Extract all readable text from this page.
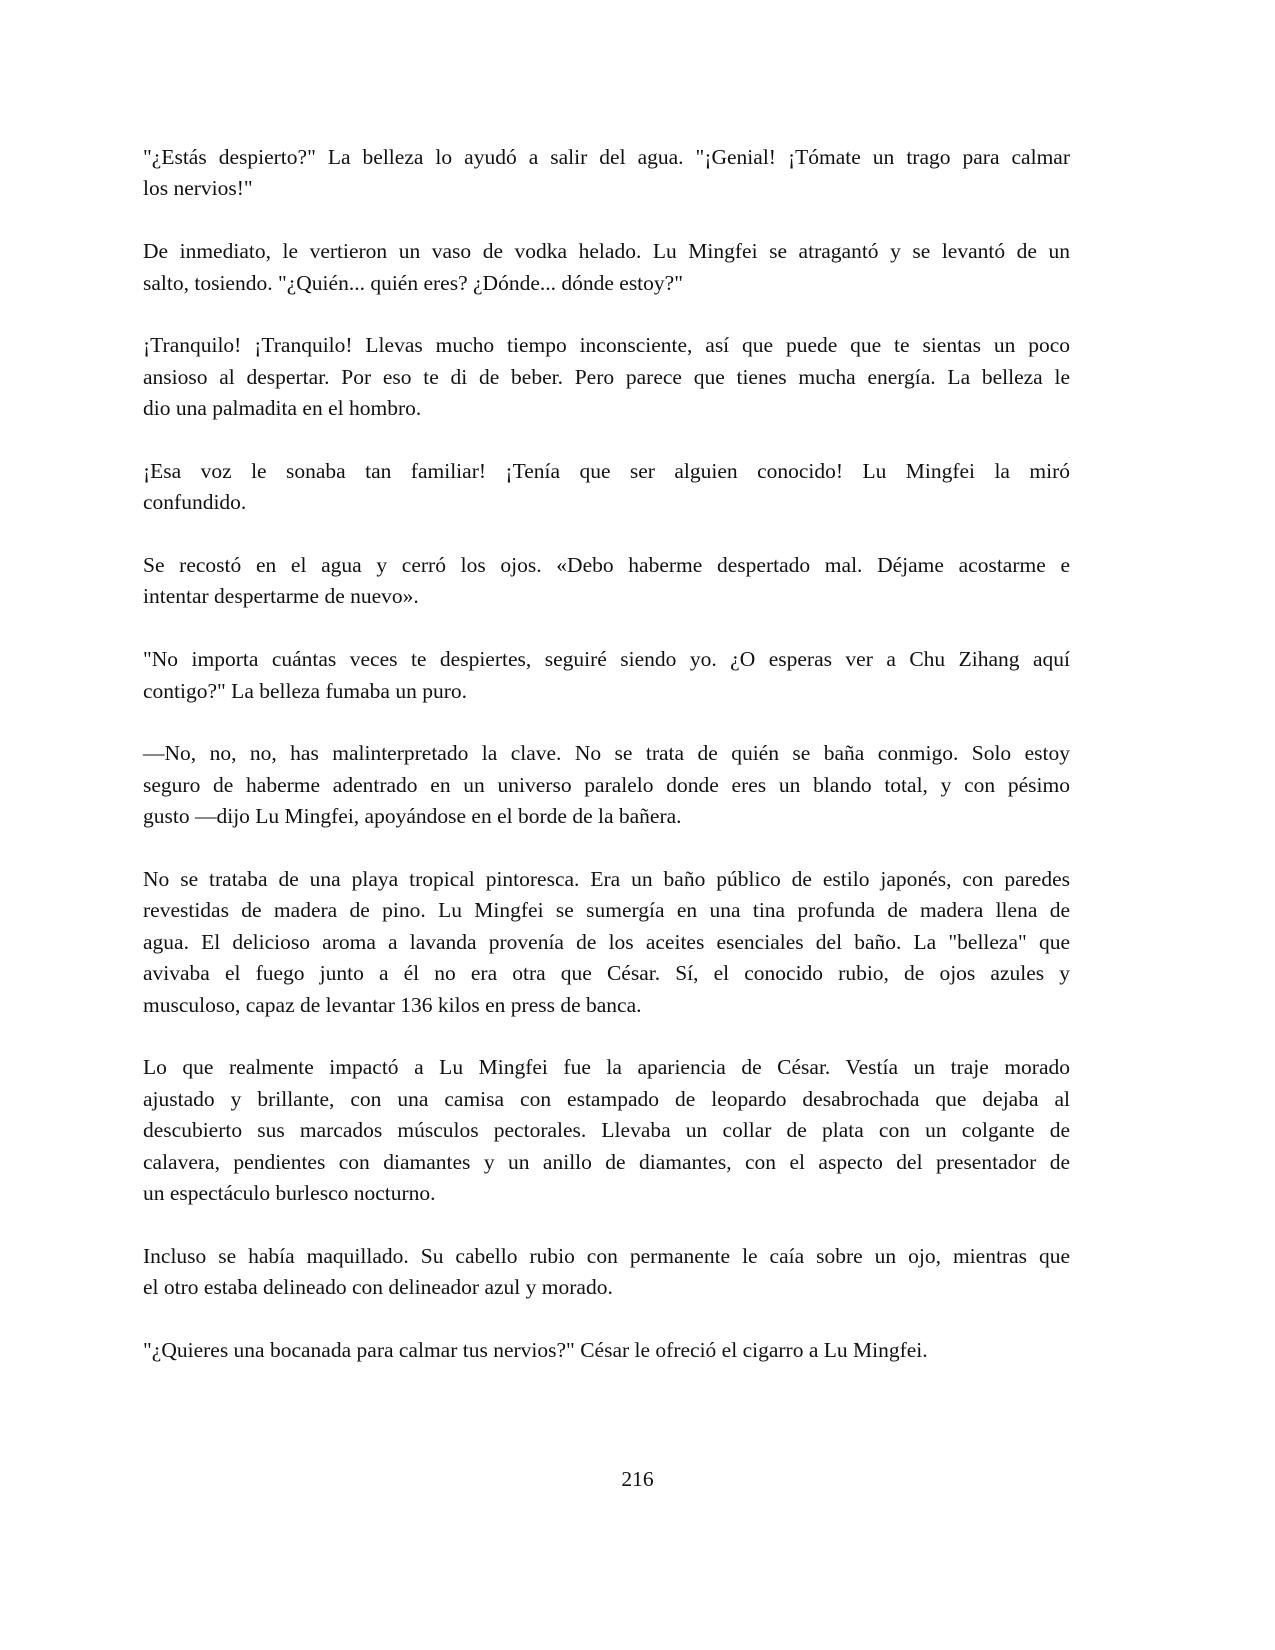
"¿Estás despierto?" La belleza lo ayudó a salir del agua. "¡Genial! ¡Tómate un trago para calmar
los nervios!"
De inmediato, le vertieron un vaso de vodka helado. Lu Mingfei se atragantó y se levantó de un
salto, tosiendo. "¿Quién... quién eres? ¿Dónde... dónde estoy?"
¡Tranquilo! ¡Tranquilo! Llevas mucho tiempo inconsciente, así que puede que te sientas un poco
ansioso al despertar. Por eso te di de beber. Pero parece que tienes mucha energía. La belleza le
dio una palmadita en el hombro.
¡Esa voz le sonaba tan familiar! ¡Tenía que ser alguien conocido! Lu Mingfei la miró
confundido.
Se recostó en el agua y cerró los ojos. «Debo haberme despertado mal. Déjame acostarme e
intentar despertarme de nuevo».
"No importa cuántas veces te despiertes, seguiré siendo yo. ¿O esperas ver a Chu Zihang aquí
contigo?" La belleza fumaba un puro.
—No, no, no, has malinterpretado la clave. No se trata de quién se baña conmigo. Solo estoy
seguro de haberme adentrado en un universo paralelo donde eres un blando total, y con pésimo
gusto —dijo Lu Mingfei, apoyándose en el borde de la bañera.
No se trataba de una playa tropical pintoresca. Era un baño público de estilo japonés, con paredes
revestidas de madera de pino. Lu Mingfei se sumergía en una tina profunda de madera llena de
agua. El delicioso aroma a lavanda provenía de los aceites esenciales del baño. La "belleza" que
avivaba el fuego junto a él no era otra que César. Sí, el conocido rubio, de ojos azules y
musculoso, capaz de levantar 136 kilos en press de banca.
Lo que realmente impactó a Lu Mingfei fue la apariencia de César. Vestía un traje morado
ajustado y brillante, con una camisa con estampado de leopardo desabrochada que dejaba al
descubierto sus marcados músculos pectorales. Llevaba un collar de plata con un colgante de
calavera, pendientes con diamantes y un anillo de diamantes, con el aspecto del presentador de
un espectáculo burlesco nocturno.
Incluso se había maquillado. Su cabello rubio con permanente le caía sobre un ojo, mientras que
el otro estaba delineado con delineador azul y morado.
"¿Quieres una bocanada para calmar tus nervios?" César le ofreció el cigarro a Lu Mingfei.
216
